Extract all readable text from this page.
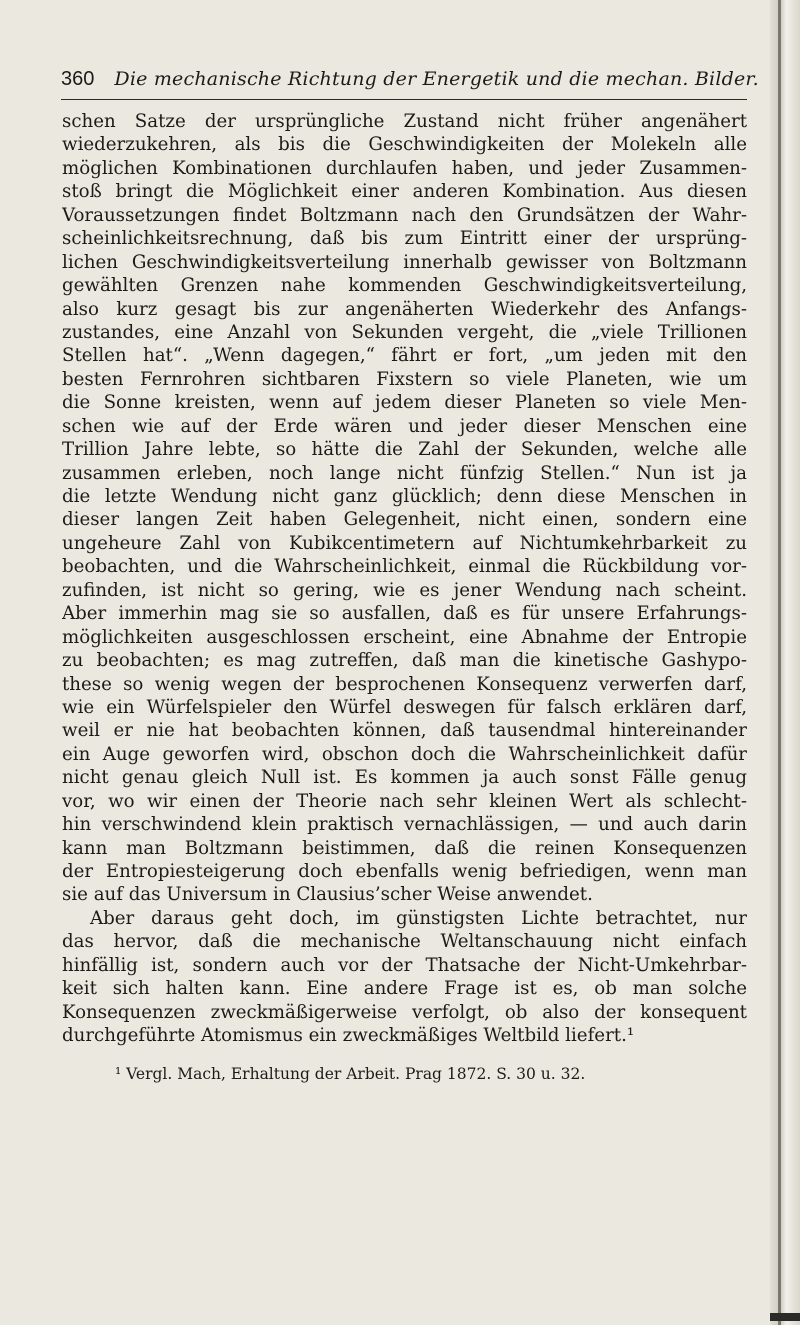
360 Die mechanische Richtung der Energetik und die mechan. Bilder.
schen Satze der ursprüngliche Zustand nicht früher angenähert
wiederzukehren, als bis die Geschwindigkeiten der Molekeln alle
möglichen Kombinationen durchlaufen haben, und jeder Zusammen-
stoß bringt die Möglichkeit einer anderen Kombination. Aus diesen
Voraussetzungen findet Boltzmann nach den Grundsätzen der Wahr-
scheinlichkeitsrechnung, daß bis zum Eintritt einer der ursprüng-
lichen Geschwindigkeitsverteilung innerhalb gewisser von Boltzmann
gewählten Grenzen nahe kommenden Geschwindigkeitsverteilung,
also kurz gesagt bis zur angenäherten Wiederkehr des Anfangs-
zustandes, eine Anzahl von Sekunden vergeht, die „viele Trillionen
Stellen hat“. „Wenn dagegen,“ fährt er fort, „um jeden mit den
besten Fernrohren sichtbaren Fixstern so viele Planeten, wie um
die Sonne kreisten, wenn auf jedem dieser Planeten so viele Men-
schen wie auf der Erde wären und jeder dieser Menschen eine
Trillion Jahre lebte, so hätte die Zahl der Sekunden, welche alle
zusammen erleben, noch lange nicht fünfzig Stellen.“ Nun ist ja
die letzte Wendung nicht ganz glücklich; denn diese Menschen in
dieser langen Zeit haben Gelegenheit, nicht einen, sondern eine
ungeheure Zahl von Kubikcentimetern auf Nichtumkehrbarkeit zu
beobachten, und die Wahrscheinlichkeit, einmal die Rückbildung vor-
zufinden, ist nicht so gering, wie es jener Wendung nach scheint.
Aber immerhin mag sie so ausfallen, daß es für unsere Erfahrungs-
möglichkeiten ausgeschlossen erscheint, eine Abnahme der Entropie
zu beobachten; es mag zutreffen, daß man die kinetische Gashypo-
these so wenig wegen der besprochenen Konsequenz verwerfen darf,
wie ein Würfelspieler den Würfel deswegen für falsch erklären darf,
weil er nie hat beobachten können, daß tausendmal hintereinander
ein Auge geworfen wird, obschon doch die Wahrscheinlichkeit dafür
nicht genau gleich Null ist. Es kommen ja auch sonst Fälle genug
vor, wo wir einen der Theorie nach sehr kleinen Wert als schlecht-
hin verschwindend klein praktisch vernachlässigen, — und auch darin
kann man Boltzmann beistimmen, daß die reinen Konsequenzen
der Entropiesteigerung doch ebenfalls wenig befriedigen, wenn man
sie auf das Universum in Clausius’scher Weise anwendet.
Aber daraus geht doch, im günstigsten Lichte betrachtet, nur
das hervor, daß die mechanische Weltanschauung nicht einfach
hinfällig ist, sondern auch vor der Thatsache der Nicht-Umkehrbar-
keit sich halten kann. Eine andere Frage ist es, ob man solche
Konsequenzen zweckmäßigerweise verfolgt, ob also der konsequent
durchgeführte Atomismus ein zweckmäßiges Weltbild liefert.¹
¹ Vergl. Mach, Erhaltung der Arbeit. Prag 1872. S. 30 u. 32.
